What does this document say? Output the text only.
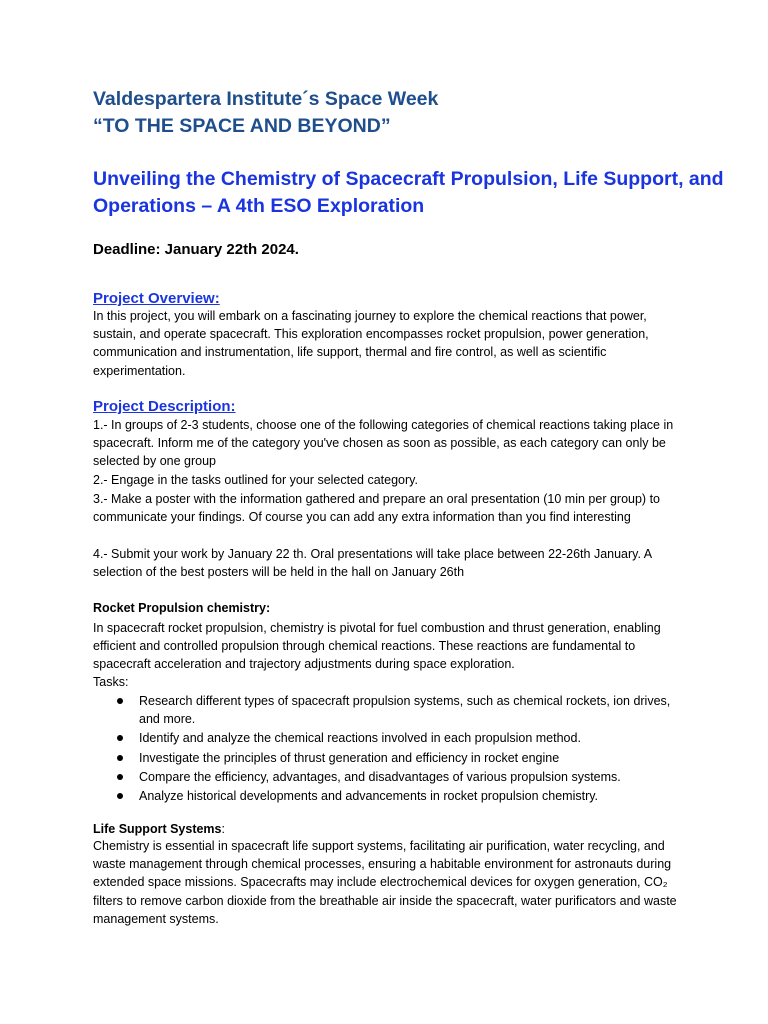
Valdespartera Institute´s Space Week
“TO THE SPACE AND BEYOND”
Unveiling the Chemistry of Spacecraft Propulsion, Life Support, and Operations – A 4th ESO Exploration

Deadline: January 22th 2024.

Project Overview:

In this project, you will embark on a fascinating journey to explore the chemical reactions that power, sustain, and operate spacecraft. This exploration encompasses rocket propulsion, power generation, communication and instrumentation, life support, thermal and fire control, as well as scientific experimentation.

Project Description:

1.- In groups of 2-3 students, choose one of the following categories of chemical reactions taking place in spacecraft. Inform me of the category you've chosen as soon as possible, as each category can only be selected by one group

2.- Engage in the tasks outlined for your selected category.

3.- Make a poster with the information gathered and prepare an oral presentation (10 min per group) to communicate your findings. Of course you can add any extra information than you find interesting

4.- Submit your work by January 22 th. Oral presentations will take place between 22-26th January. A selection of the best posters will be held in the hall on January 26th

Rocket Propulsion chemistry:

In spacecraft rocket propulsion, chemistry is pivotal for fuel combustion and thrust generation, enabling efficient and controlled propulsion through chemical reactions. These reactions are fundamental to spacecraft acceleration and trajectory adjustments during space exploration.

Tasks:

Research different types of spacecraft propulsion systems, such as chemical rockets, ion drives, and more.
Identify and analyze the chemical reactions involved in each propulsion method.
Investigate the principles of thrust generation and efficiency in rocket engine
Compare the efficiency, advantages, and disadvantages of various propulsion systems.
Analyze historical developments and advancements in rocket propulsion chemistry.

Life Support Systems:

Chemistry is essential in spacecraft life support systems, facilitating air purification, water recycling, and waste management through chemical processes, ensuring a habitable environment for astronauts during extended space missions. Spacecrafts may include electrochemical devices for oxygen generation, CO₂ filters to remove carbon dioxide from the breathable air inside the spacecraft, water purificators and waste management systems.
